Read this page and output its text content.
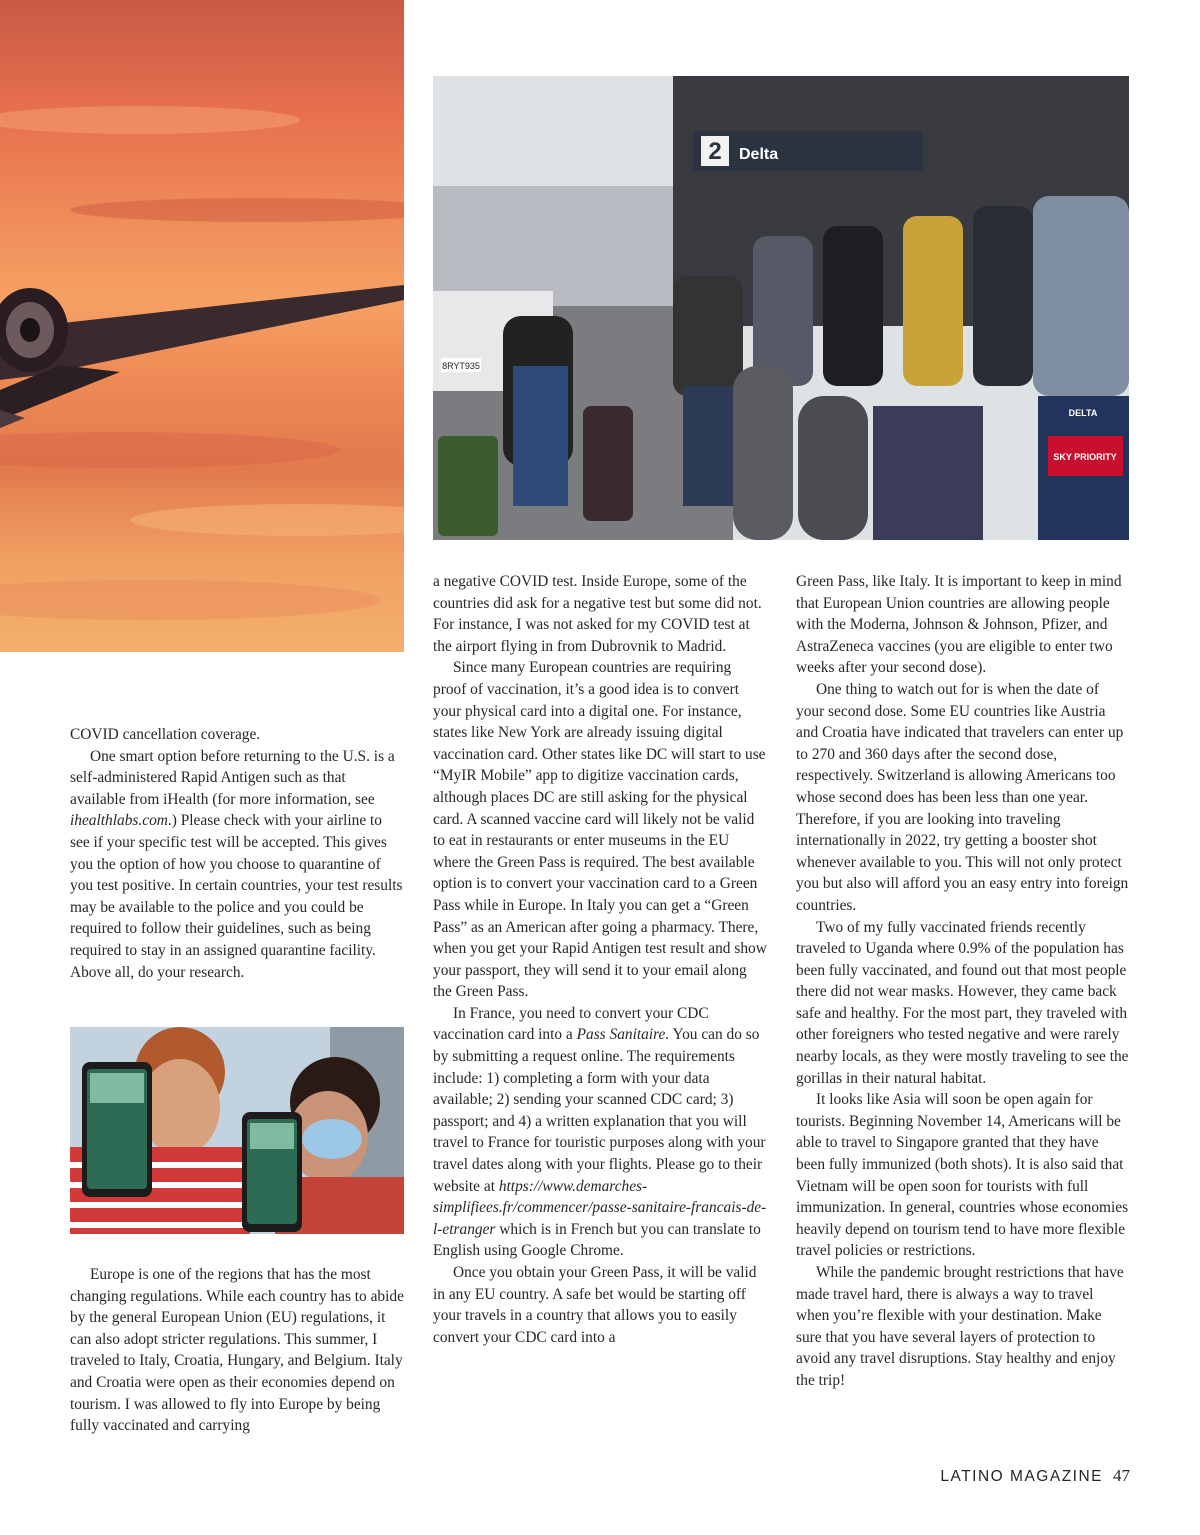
2 Delta
8RYT935
DELTA
SKY PRIORITY

COVID cancellation coverage.

One smart option before returning to the U.S. is a self-administered Rapid Antigen such as that available from iHealth (for more information, see ihealthlabs.com.) Please check with your airline to see if your specific test will be accepted. This gives you the option of how you choose to quarantine of you test positive. In certain countries, your test results may be available to the police and you could be required to follow their guidelines, such as being required to stay in an assigned quarantine facility. Above all, do your research.

Europe is one of the regions that has the most changing regulations. While each country has to abide by the general European Union (EU) regulations, it can also adopt stricter regulations. This summer, I traveled to Italy, Croatia, Hungary, and Belgium. Italy and Croatia were open as their economies depend on tourism. I was allowed to fly into Europe by being fully vaccinated and carrying

a negative COVID test. Inside Europe, some of the countries did ask for a negative test but some did not. For instance, I was not asked for my COVID test at the airport flying in from Dubrovnik to Madrid.

Since many European countries are requiring proof of vaccination, it’s a good idea is to convert your physical card into a digital one. For instance, states like New York are already issuing digital vaccination card. Other states like DC will start to use “MyIR Mobile” app to digitize vaccination cards, although places DC are still asking for the physical card. A scanned vaccine card will likely not be valid to eat in restaurants or enter museums in the EU where the Green Pass is required. The best available option is to convert your vaccination card to a Green Pass while in Europe. In Italy you can get a “Green Pass” as an American after going a pharmacy. There, when you get your Rapid Antigen test result and show your passport, they will send it to your email along the Green Pass.

In France, you need to convert your CDC vaccination card into a Pass Sanitaire. You can do so by submitting a request online. The requirements include: 1) completing a form with your data available; 2) sending your scanned CDC card; 3) passport; and 4) a written explanation that you will travel to France for touristic purposes along with your travel dates along with your flights. Please go to their website at https://www.demarches-simplifiees.fr/commencer/passe-sanitaire-francais-de-l-etranger which is in French but you can translate to English using Google Chrome.

Once you obtain your Green Pass, it will be valid in any EU country. A safe bet would be starting off your travels in a country that allows you to easily convert your CDC card into a

Green Pass, like Italy. It is important to keep in mind that European Union countries are allowing people with the Moderna, Johnson & Johnson, Pfizer, and AstraZeneca vaccines (you are eligible to enter two weeks after your second dose).

One thing to watch out for is when the date of your second dose. Some EU countries like Austria and Croatia have indicated that travelers can enter up to 270 and 360 days after the second dose, respectively. Switzerland is allowing Americans too whose second does has been less than one year. Therefore, if you are looking into traveling internationally in 2022, try getting a booster shot whenever available to you. This will not only protect you but also will afford you an easy entry into foreign countries.

Two of my fully vaccinated friends recently traveled to Uganda where 0.9% of the population has been fully vaccinated, and found out that most people there did not wear masks. However, they came back safe and healthy. For the most part, they traveled with other foreigners who tested negative and were rarely nearby locals, as they were mostly traveling to see the gorillas in their natural habitat.

It looks like Asia will soon be open again for tourists. Beginning November 14, Americans will be able to travel to Singapore granted that they have been fully immunized (both shots). It is also said that Vietnam will be open soon for tourists with full immunization. In general, countries whose economies heavily depend on tourism tend to have more flexible travel policies or restrictions.

While the pandemic brought restrictions that have made travel hard, there is always a way to travel when you’re flexible with your destination. Make sure that you have several layers of protection to avoid any travel disruptions. Stay healthy and enjoy the trip!

LATINO MAGAZINE 47
